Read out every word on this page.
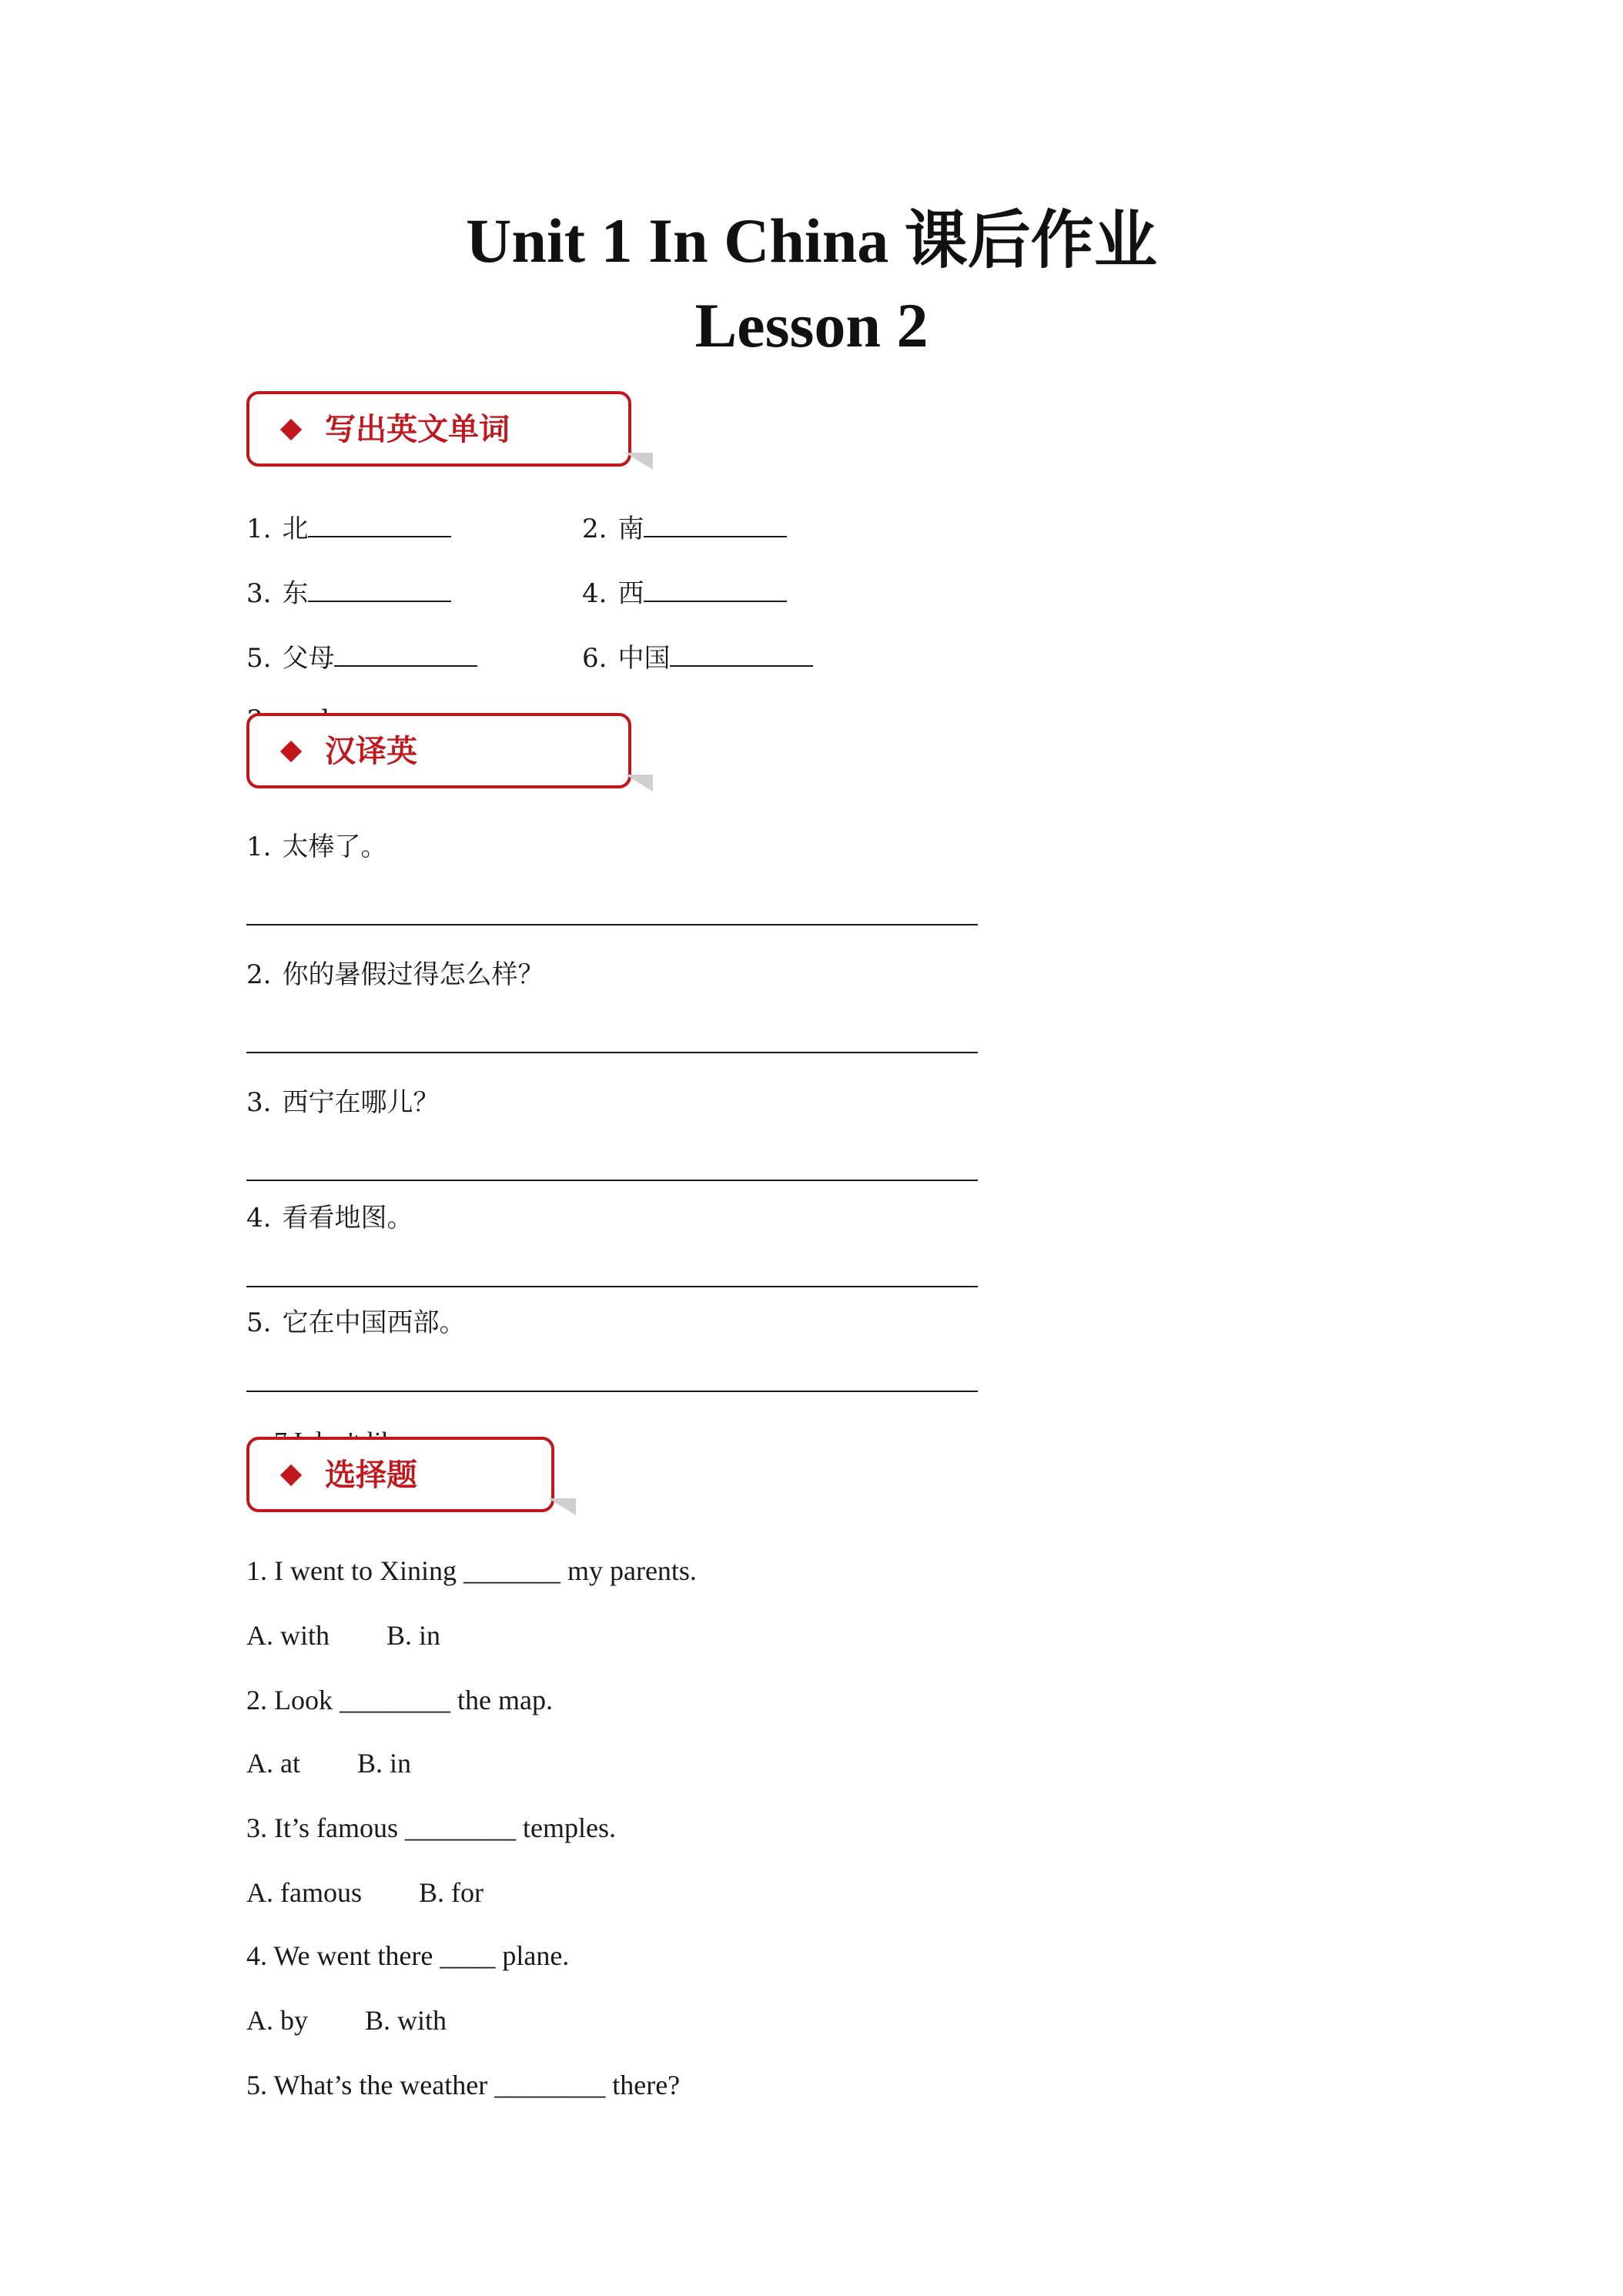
Unit 1 In China 课后作业
Lesson 2
写出英文单词
1. 北	2. 南
3. 东	4. 西
5. 父母	6. 中国
汉译英
1. 太棒了。
2. 你的暑假过得怎么样？
3. 西宁在哪儿？
4. 看看地图。
5. 它在中国西部。
选择题
1. I went to Xining _______ my parents.
A. with B. in
2. Look ________ the map.
A. at B. in
3. It’s famous ________ temples.
A. famous B. for
4. We went there ____ plane.
A. by B. with
5. What’s the weather ________ there?
